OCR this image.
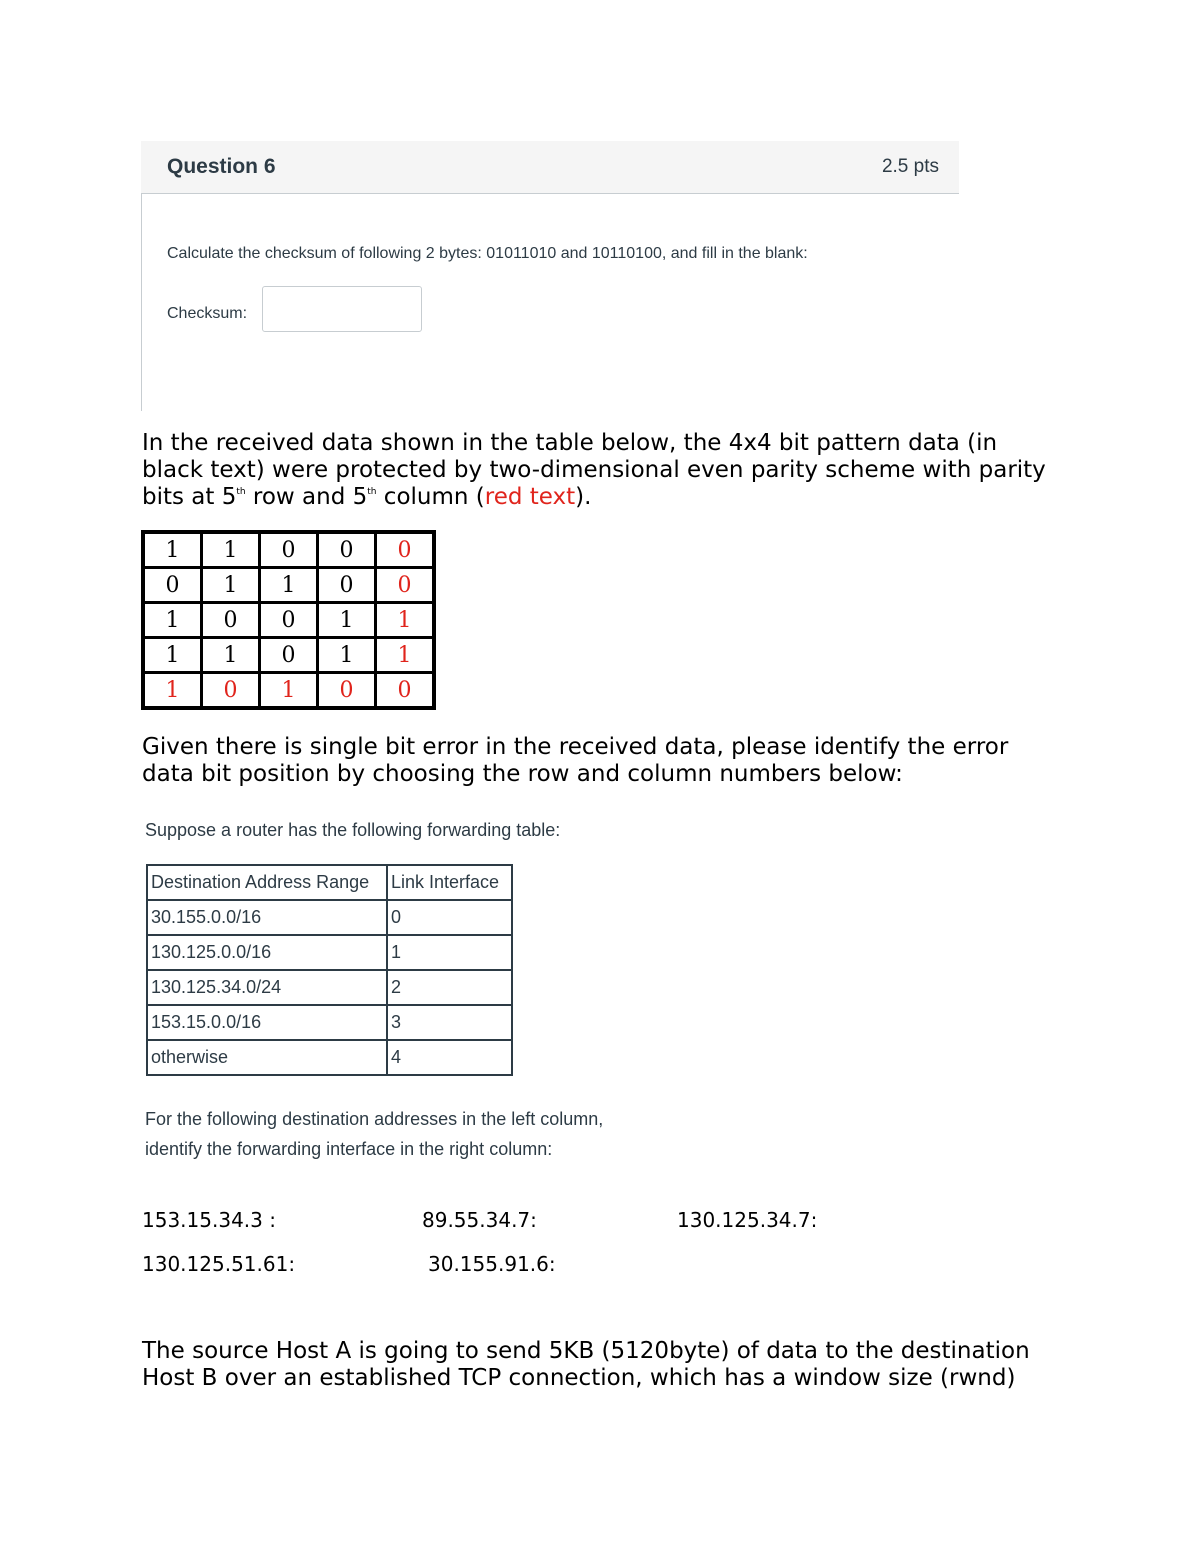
Question 6	2.5 pts
Calculate the checksum of following 2 bytes: 01011010 and 10110100, and fill in the blank:
Checksum:
In the received data shown in the table below, the 4x4 bit pattern data (in black text) were protected by two-dimensional even parity scheme with parity bits at 5th row and 5th column (red text).
1	1	0	0	0
0	1	1	0	0
1	0	0	1	1
1	1	0	1	1
1	0	1	0	0
Given there is single bit error in the received data, please identify the error data bit position by choosing the row and column numbers below:
Suppose a router has the following forwarding table:
Destination Address Range	Link Interface
30.155.0.0/16	0
130.125.0.0/16	1
130.125.34.0/24	2
153.15.0.0/16	3
otherwise	4
For the following destination addresses in the left column, identify the forwarding interface in the right column:
153.15.34.3 :	89.55.34.7:	130.125.34.7:
130.125.51.61:	30.155.91.6:
The source Host A is going to send 5KB (5120byte) of data to the destination Host B over an established TCP connection, which has a window size (rwnd)
